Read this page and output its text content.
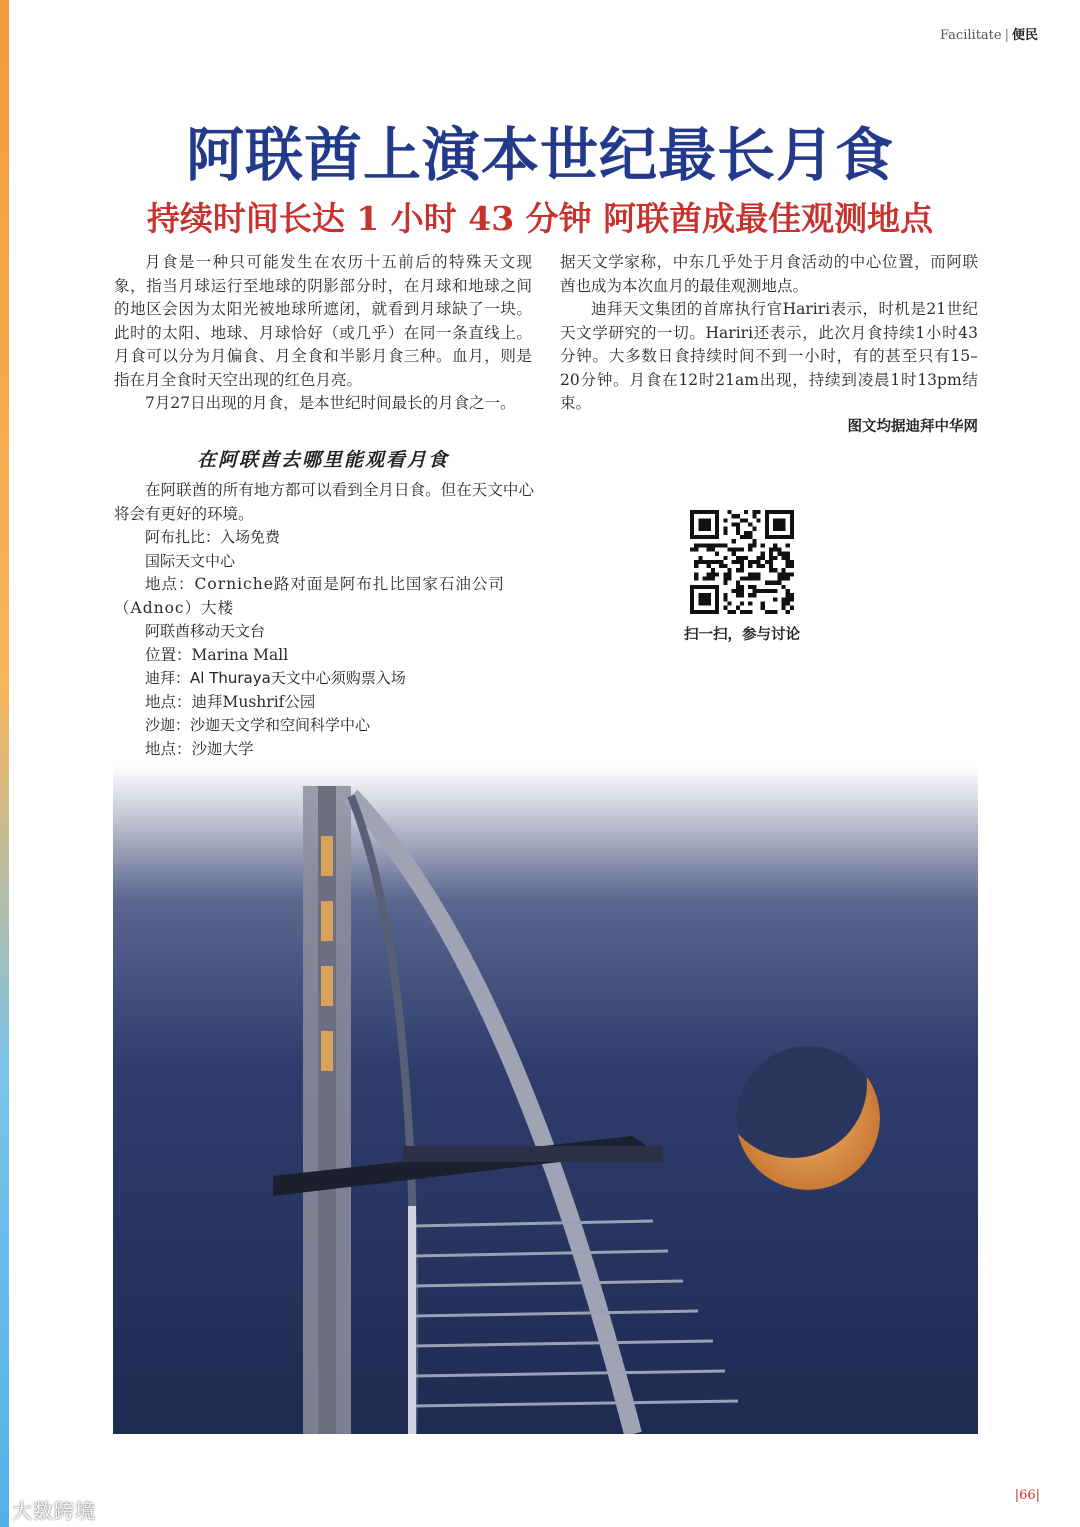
Facilitate | 便民
阿联酋上演本世纪最长月食
持续时间长达 1 小时 43 分钟 阿联酋成最佳观测地点

月食是一种只可能发生在农历十五前后的特殊天文现象，指当月球运行至地球的阴影部分时，在月球和地球之间的地区会因为太阳光被地球所遮闭，就看到月球缺了一块。此时的太阳、地球、月球恰好（或几乎）在同一条直线上。月食可以分为月偏食、月全食和半影月食三种。血月，则是指在月全食时天空出现的红色月亮。

7月27日出现的月食，是本世纪时间最长的月食之一。

据天文学家称，中东几乎处于月食活动的中心位置，而阿联酋也成为本次血月的最佳观测地点。

迪拜天文集团的首席执行官Hariri表示，时机是21世纪天文学研究的一切。Hariri还表示，此次月食持续1小时43分钟。大多数日食持续时间不到一小时，有的甚至只有15–20分钟。月食在12时21am出现，持续到凌晨1时13pm结束。

图文均据迪拜中华网

在阿联酋去哪里能观看月食
在阿联酋的所有地方都可以看到全月日食。但在天文中心将会有更好的环境。
阿布扎比：入场免费
国际天文中心
地点：Corniche路对面是阿布扎比国家石油公司（Adnoc）大楼
阿联酋移动天文台
位置：Marina Mall
迪拜：Al Thuraya天文中心须购票入场
地点：迪拜Mushrif公园
沙迦：沙迦天文学和空间科学中心
地点：沙迦大学
扫一扫，参与讨论
|66|
大数跨境
